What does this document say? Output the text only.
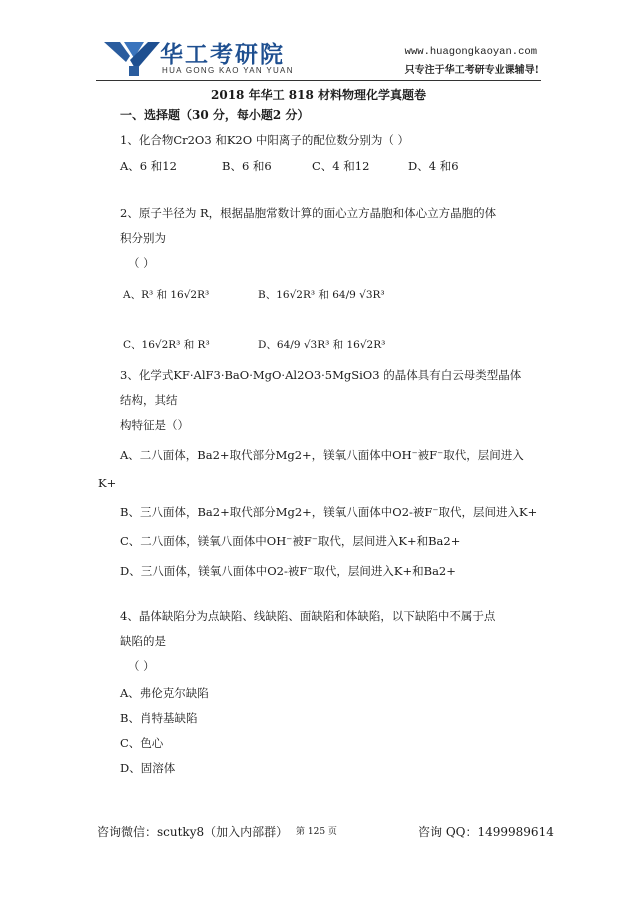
华工考研院
HUA GONG KAO YAN YUAN
www.huagongkaoyan.com
只专注于华工考研专业课辅导!
2018 年华工 818 材料物理化学真题卷
一、选择题（30 分，每小题2 分）
1、化合物Cr2O3 和K2O 中阳离子的配位数分别为（ ）
A、6 和12	B、6 和6	C、4 和12	D、4 和6
2、原子半径为 R，根据晶胞常数计算的面心立方晶胞和体心立方晶胞的体
积分别为
（ ）
A、R³ 和 16√2R³	B、16√2R³ 和 64/9 √3R³
C、16√2R³ 和 R³	D、64/9 √3R³ 和 16√2R³
3、化学式KF·AlF3·BaO·MgO·Al2O3·5MgSiO3 的晶体具有白云母类型晶体
结构，其结
构特征是（）
A、二八面体，Ba2+取代部分Mg2+，镁氧八面体中OH⁻被F⁻取代，层间进入
K+
B、三八面体，Ba2+取代部分Mg2+，镁氧八面体中O2-被F⁻取代，层间进入K+
C、二八面体，镁氧八面体中OH⁻被F⁻取代，层间进入K+和Ba2+
D、三八面体，镁氧八面体中O2-被F⁻取代，层间进入K+和Ba2+
4、晶体缺陷分为点缺陷、线缺陷、面缺陷和体缺陷，以下缺陷中不属于点
缺陷的是
（ ）
A、弗伦克尔缺陷
B、肖特基缺陷
C、色心
D、固溶体
咨询微信：scutky8（加入内部群） 第 125 页	咨询 QQ：1499989614
